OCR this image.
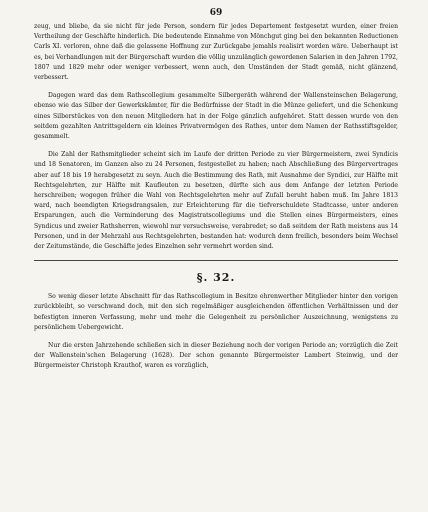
69

zeug, und bliebe, da sie nicht für jede Person, sondern für jedes Departement festgesetzt wurden, einer freien Vertheilung der Geschäfte hinderlich. Die bedeutende Einnahme von Mönchgut ging bei den bekannten Reductionen Carls XI. verloren, ohne daß die gelassene Hoffnung zur Zurückgabe jemahls realisirt worden wäre. Ueberhaupt ist es, bei Verhandlungen mit der Bürgerschaft wurden die völlig unzulänglich gewordenen Salarien in den Jahren 1792, 1807 und 1829 mehr oder weniger verbessert, wenn auch, den Umständen der Stadt gemäß, nicht glänzend, verbessert.

Dagegen ward das dem Rathscollegium gesammelte Silbergeräth während der Wallensteinschen Belagerung, ebenso wie das Silber der Gewerkskämter, für die Bedürfnisse der Stadt in die Münze geliefert, und die Schenkung eines Silberstückes von den neuen Mitgliedern hat in der Folge gänzlich aufgehöret. Statt dessen wurde von den seitdem gezahlten Antrittsgeldern ein kleines Privatvermögen des Rathes, unter dem Namen der Rathsstiftsgelder, gesammelt.

Die Zahl der Rathsmitglieder scheint sich im Laufe der dritten Periode zu vier Bürgermeistern, zwei Syndicis und 18 Senatoren, im Ganzen also zu 24 Personen, festgestellet zu haben; nach Abschließung des Bürgervertrages aber auf 18 bis 19 herabgesetzt zu seyn. Auch die Bestimmung des Rath, mit Ausnahme der Syndici, zur Hälfte mit Rechtsgelehrten, zur Hälfte mit Kaufleuten zu besetzen, dürfte sich aus dem Anfange der letzten Periode herschreiben; wogegen früher die Wahl von Rechtsgelehrten mehr auf Zufall beruht haben muß. Im Jahre 1813 ward, nach beendigten Kriegsdrangsalen, zur Erleichterung für die tiefverschuldete Stadtcasse, unter anderen Ersparungen, auch die Verminderung des Magistratscollegiums und die Stellen eines Bürgermeisters, eines Syndicus und zweier Rathsherren, wiewohl nur versuchsweise, verabredet; so daß seitdem der Rath meistens aus 14 Personen, und in der Mehrzahl aus Rechtsgelehrten, bestanden hat: wodurch denn freilich, besonders beim Wechsel der Zeitumstände, die Geschäfte jedes Einzelnen sehr vermehrt worden sind.

§. 32.

So wenig dieser letzte Abschnitt für das Rathscollegium in Besitze ehrenwerther Mitglieder hinter den vorigen zurückbleibt, so verschwand doch, mit den sich regelmäßiger ausgleichenden öffentlichen Verhältnissen und der befestigten inneren Verfassung, mehr und mehr die Gelegenheit zu persönlicher Auszeichnung, wenigstens zu persönlichem Uebergewicht.

Nur die ersten Jahrzehende schließen sich in dieser Beziehung noch der vorigen Periode an; vorzüglich die Zeit der Wallenstein'schen Belagerung (1628). Der schon genannte Bürgermeister Lambert Steinwig, und der Bürgermeister Christoph Krauthof, waren es vorzüglich,
